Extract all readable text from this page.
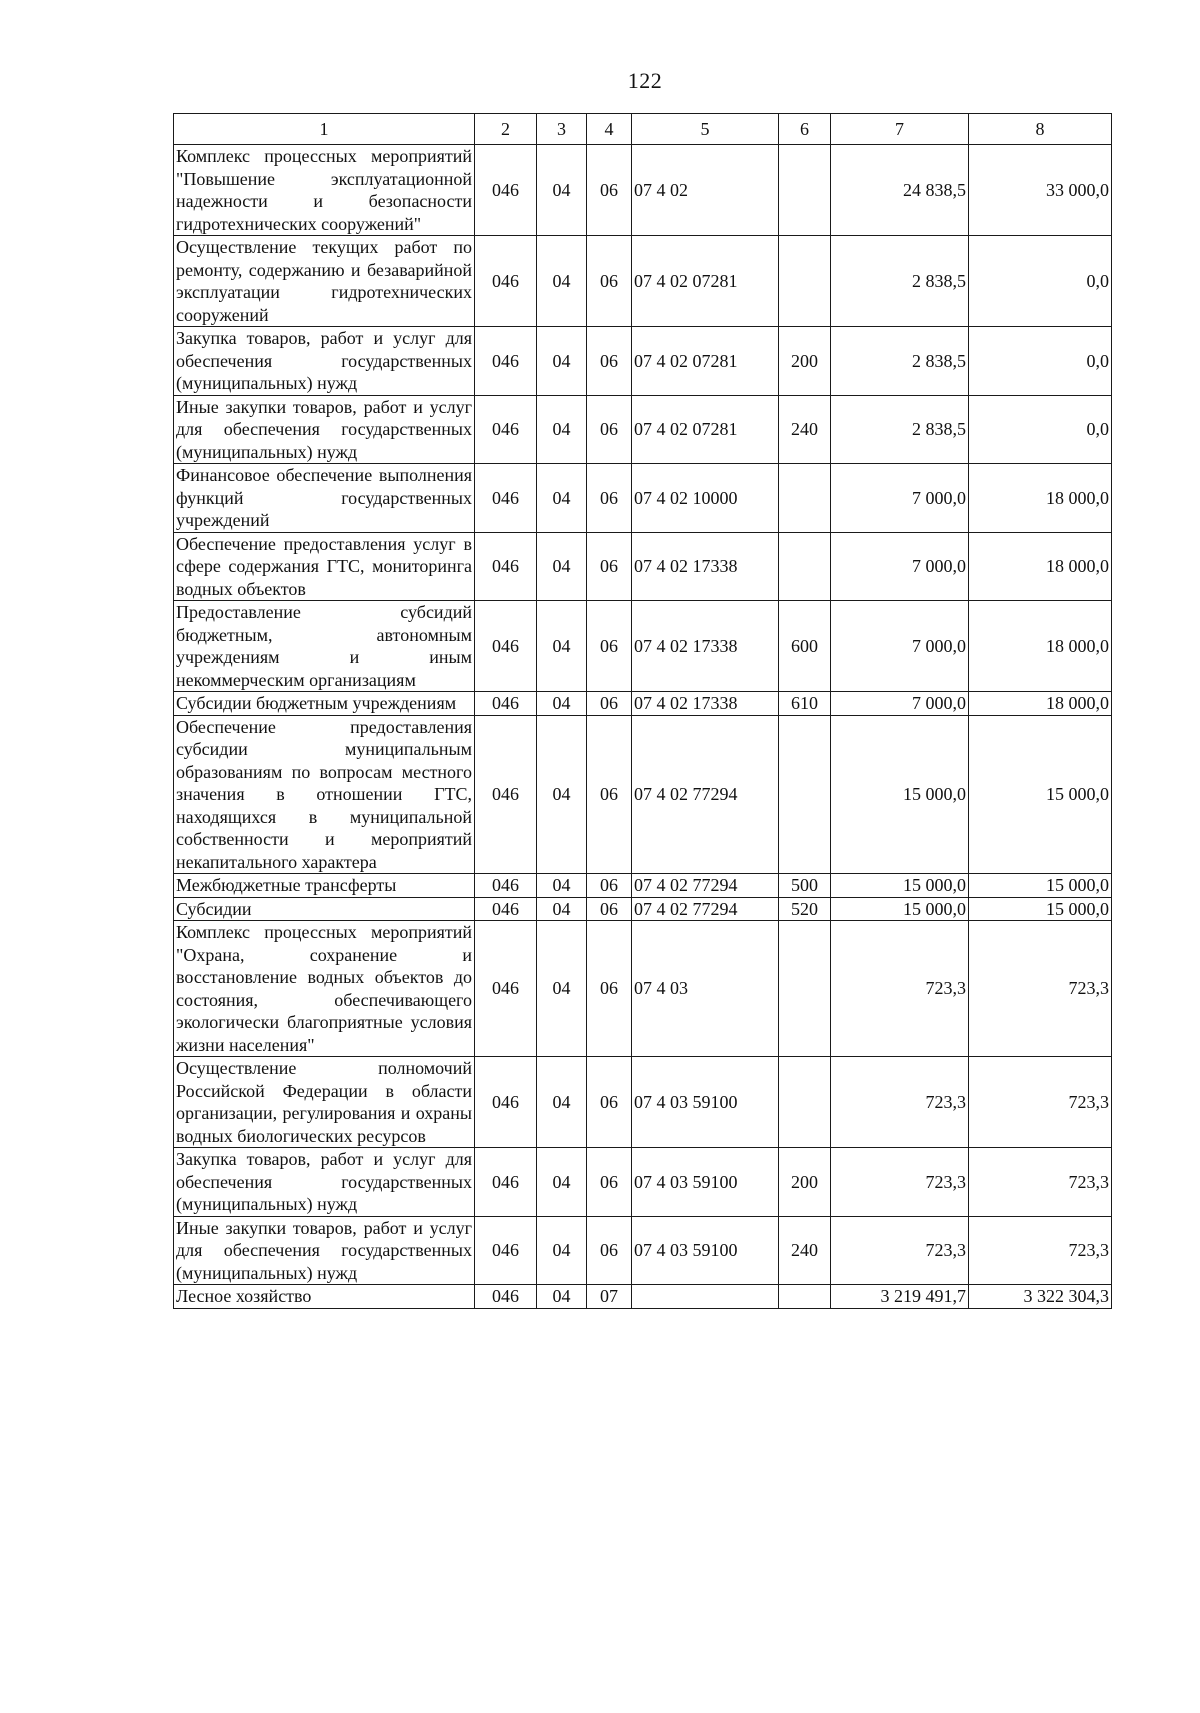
122
1	2	3	4	5	6	7	8
Комплекс процессных мероприятий "Повышение эксплуатационной надежности и безопасности гидротехнических сооружений"	046	04	06	07 4 02		24 838,5	33 000,0
Осуществление текущих работ по ремонту, содержанию и безаварийной эксплуатации гидротехнических сооружений	046	04	06	07 4 02 07281		2 838,5	0,0
Закупка товаров, работ и услуг для обеспечения государственных (муниципальных) нужд	046	04	06	07 4 02 07281	200	2 838,5	0,0
Иные закупки товаров, работ и услуг для обеспечения государственных (муниципальных) нужд	046	04	06	07 4 02 07281	240	2 838,5	0,0
Финансовое обеспечение выполнения функций государственных учреждений	046	04	06	07 4 02 10000		7 000,0	18 000,0
Обеспечение предоставления услуг в сфере содержания ГТС, мониторинга водных объектов	046	04	06	07 4 02 17338		7 000,0	18 000,0
Предоставление субсидий бюджетным, автономным учреждениям и иным некоммерческим организациям	046	04	06	07 4 02 17338	600	7 000,0	18 000,0
Субсидии бюджетным учреждениям	046	04	06	07 4 02 17338	610	7 000,0	18 000,0
Обеспечение предоставления субсидии муниципальным образованиям по вопросам местного значения в отношении ГТС, находящихся в муниципальной собственности и мероприятий некапитального характера	046	04	06	07 4 02 77294		15 000,0	15 000,0
Межбюджетные трансферты	046	04	06	07 4 02 77294	500	15 000,0	15 000,0
Субсидии	046	04	06	07 4 02 77294	520	15 000,0	15 000,0
Комплекс процессных мероприятий "Охрана, сохранение и восстановление водных объектов до состояния, обеспечивающего экологически благоприятные условия жизни населения"	046	04	06	07 4 03		723,3	723,3
Осуществление полномочий Российской Федерации в области организации, регулирования и охраны водных биологических ресурсов	046	04	06	07 4 03 59100		723,3	723,3
Закупка товаров, работ и услуг для обеспечения государственных (муниципальных) нужд	046	04	06	07 4 03 59100	200	723,3	723,3
Иные закупки товаров, работ и услуг для обеспечения государственных (муниципальных) нужд	046	04	06	07 4 03 59100	240	723,3	723,3
Лесное хозяйство	046	04	07			3 219 491,7	3 322 304,3
